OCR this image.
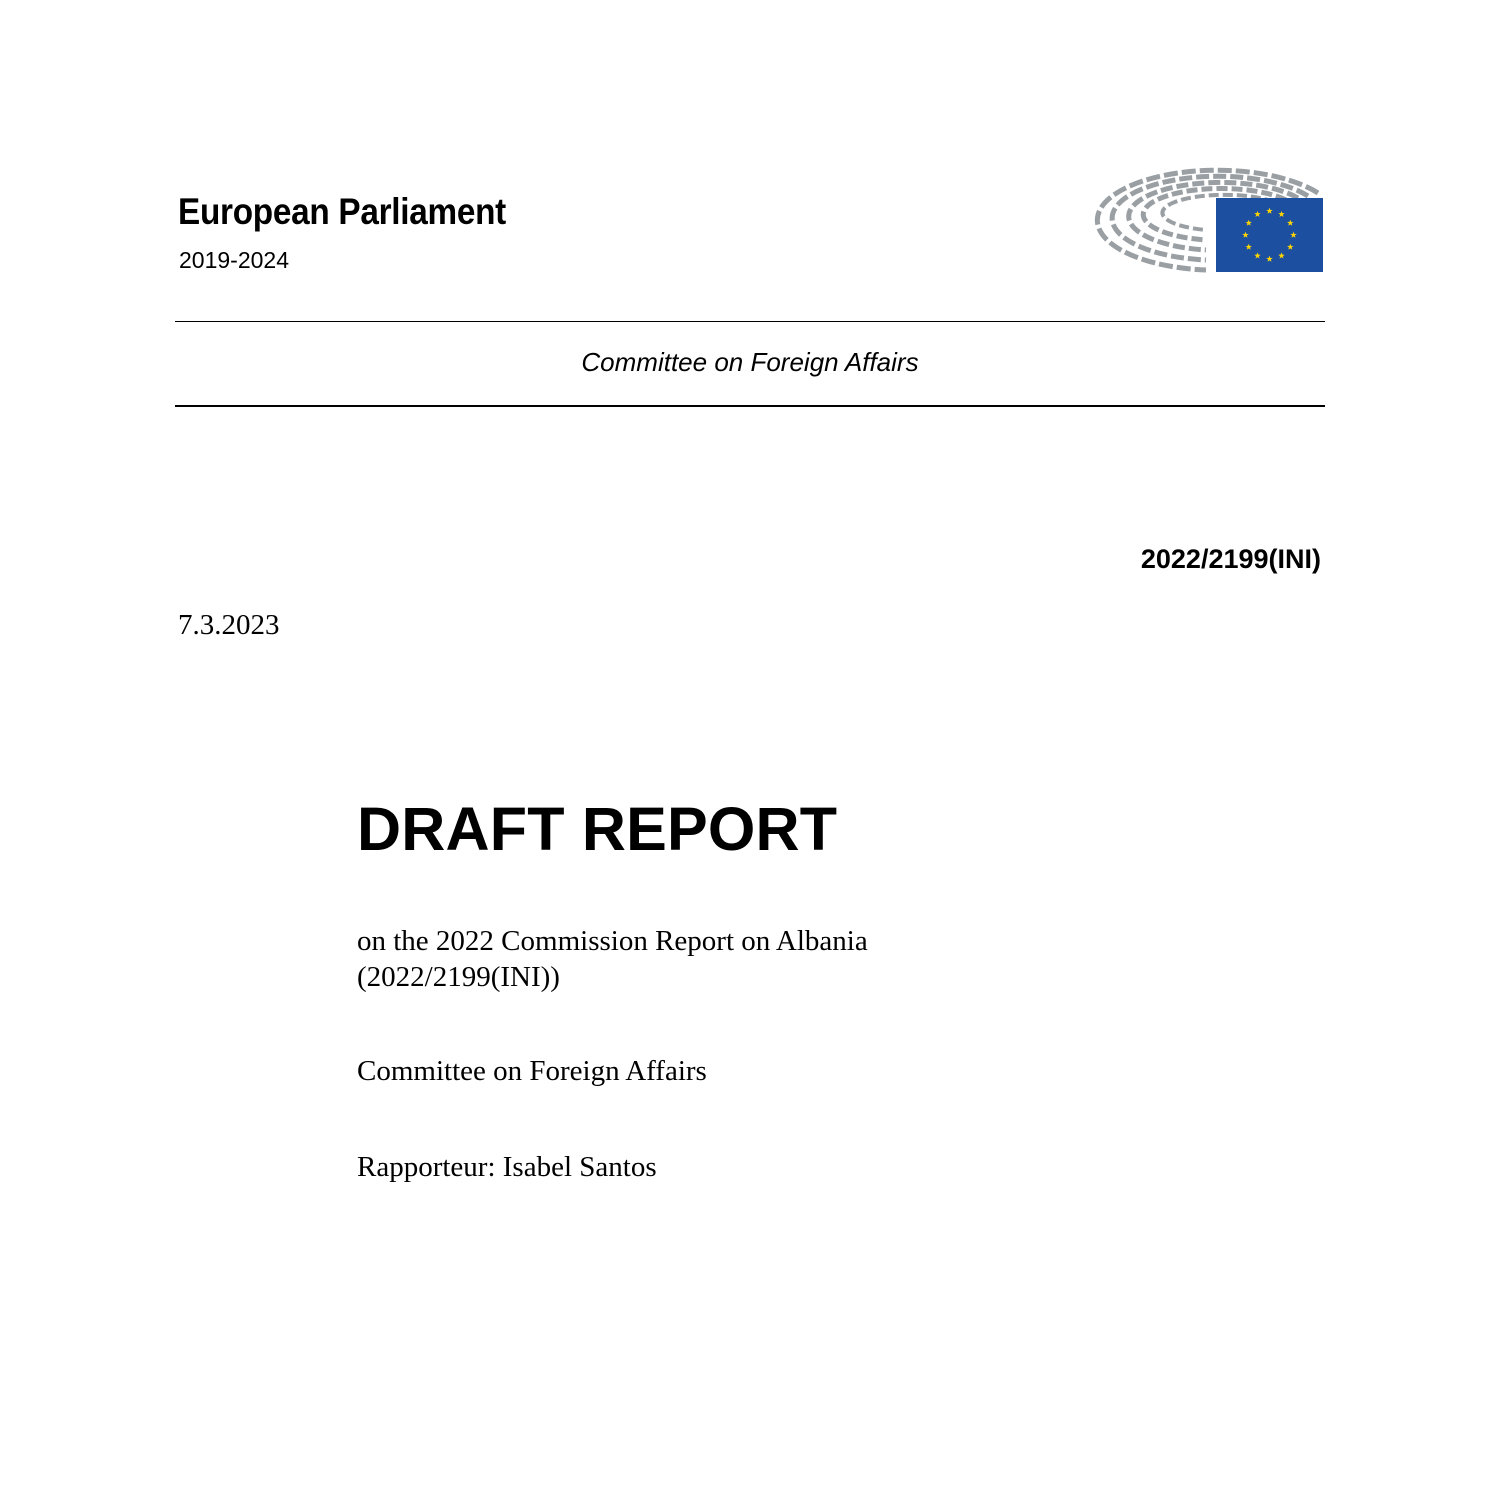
European Parliament
2019-2024
Committee on Foreign Affairs
2022/2199(INI)
7.3.2023
DRAFT REPORT
on the 2022 Commission Report on Albania
(2022/2199(INI))
Committee on Foreign Affairs
Rapporteur: Isabel Santos
